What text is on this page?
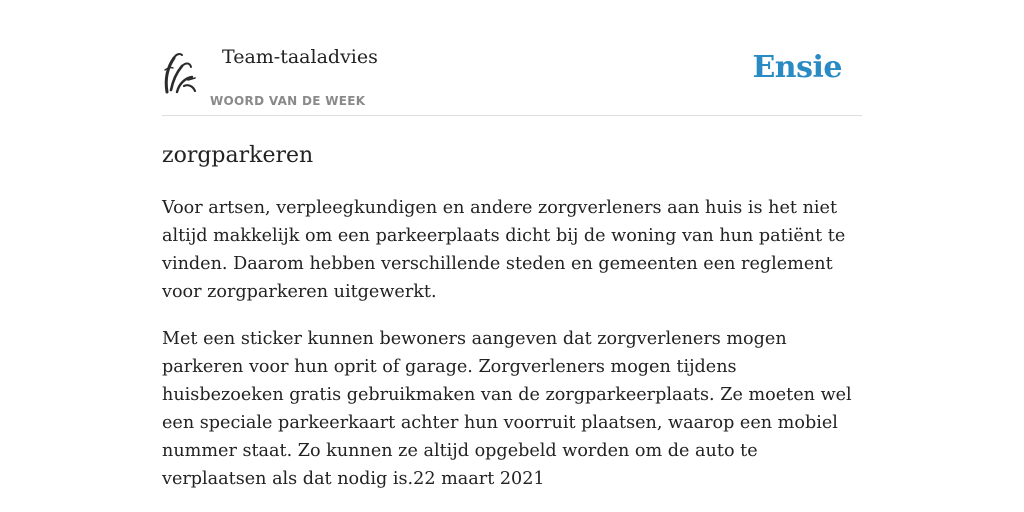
Team-taaladvies
WOORD VAN DE WEEK
Ensie
zorgparkeren

Voor artsen, verpleegkundigen en andere zorgverleners aan huis is het niet altijd makkelijk om een parkeerplaats dicht bij de woning van hun patiënt te vinden. Daarom hebben verschillende steden en gemeenten een reglement voor zorgparkeren uitgewerkt.

Met een sticker kunnen bewoners aangeven dat zorgverleners mogen parkeren voor hun oprit of garage. Zorgverleners mogen tijdens huisbezoeken gratis gebruikmaken van de zorgparkeerplaats. Ze moeten wel een speciale parkeerkaart achter hun voorruit plaatsen, waarop een mobiel nummer staat. Zo kunnen ze altijd opgebeld worden om de auto te verplaatsen als dat nodig is.22 maart 2021
